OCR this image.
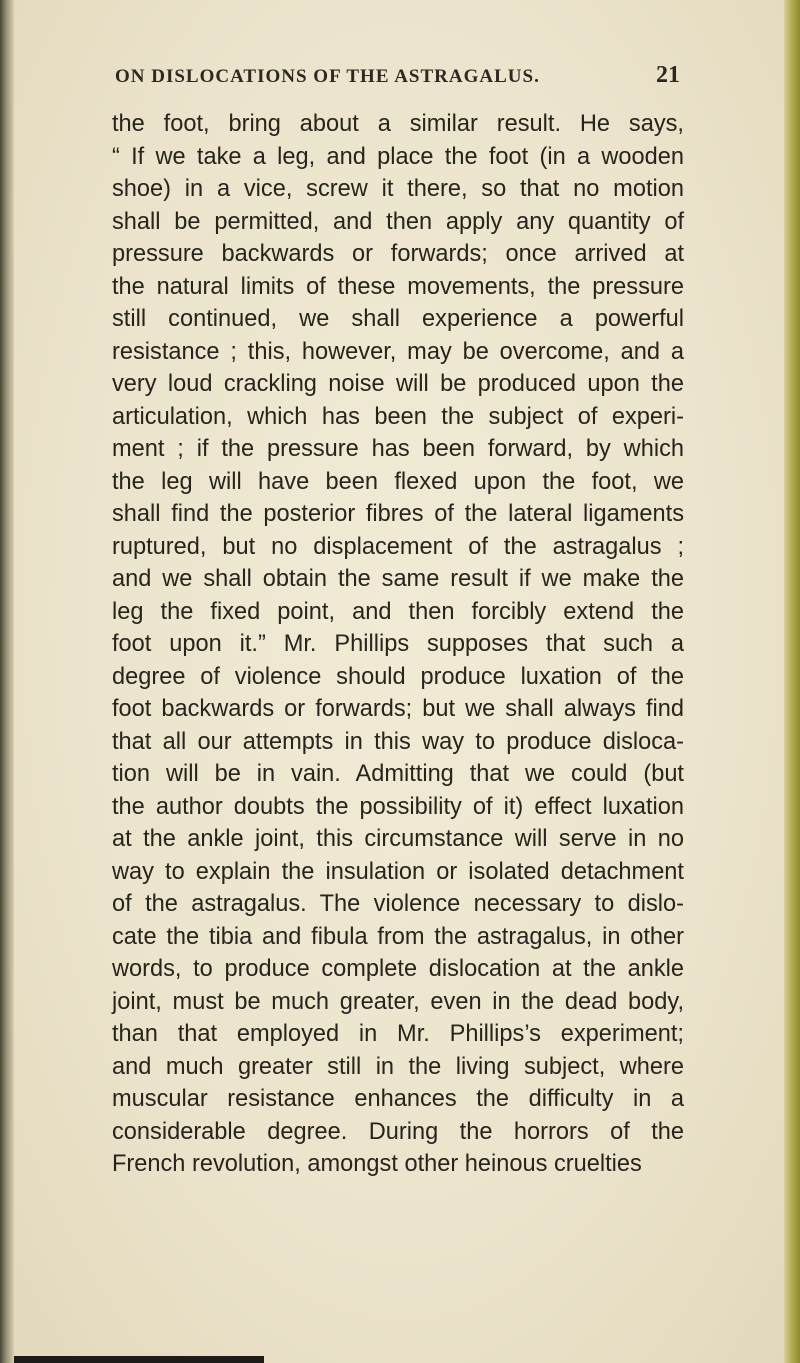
ON DISLOCATIONS OF THE ASTRAGALUS.	21
the foot, bring about a similar result. He says,
“ If we take a leg, and place the foot (in a wooden
shoe) in a vice, screw it there, so that no motion
shall be permitted, and then apply any quantity of
pressure backwards or forwards; once arrived at
the natural limits of these movements, the pressure
still continued, we shall experience a powerful
resistance ; this, however, may be overcome, and a
very loud crackling noise will be produced upon the
articulation, which has been the subject of experi-
ment ; if the pressure has been forward, by which
the leg will have been flexed upon the foot, we
shall find the posterior fibres of the lateral ligaments
ruptured, but no displacement of the astragalus ;
and we shall obtain the same result if we make the
leg the fixed point, and then forcibly extend the
foot upon it.” Mr. Phillips supposes that such a
degree of violence should produce luxation of the
foot backwards or forwards; but we shall always find
that all our attempts in this way to produce disloca-
tion will be in vain. Admitting that we could (but
the author doubts the possibility of it) effect luxation
at the ankle joint, this circumstance will serve in no
way to explain the insulation or isolated detachment
of the astragalus. The violence necessary to dislo-
cate the tibia and fibula from the astragalus, in other
words, to produce complete dislocation at the ankle
joint, must be much greater, even in the dead body,
than that employed in Mr. Phillips’s experiment;
and much greater still in the living subject, where
muscular resistance enhances the difficulty in a
considerable degree. During the horrors of the
French revolution, amongst other heinous cruelties
